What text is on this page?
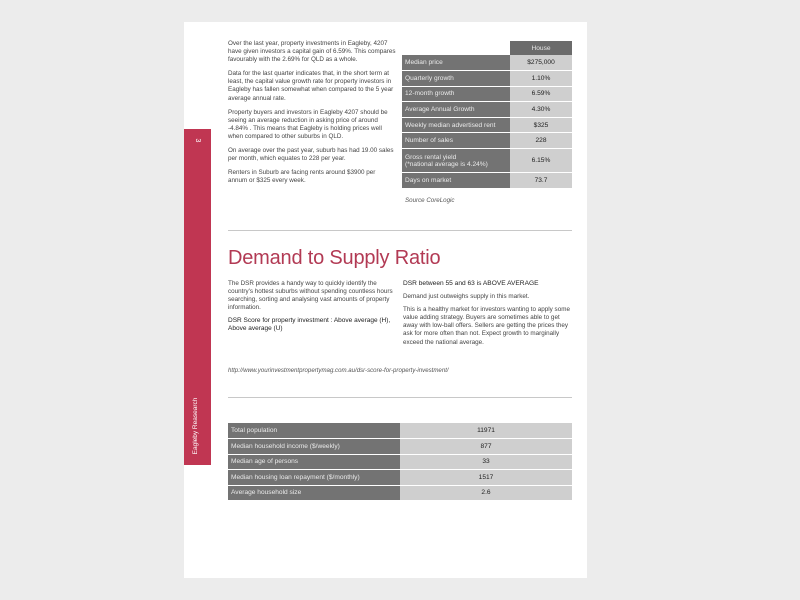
3
Eagleby Reasearch

Over the last year, property investments in Eagleby, 4207 have given investors a capital gain of 6.59%. This compares favourably with the 2.69% for QLD as a whole.

Data for the last quarter indicates that, in the short term at least, the capital value growth rate for property investors in Eagleby has fallen somewhat when compared to the 5 year average annual rate.

Property buyers and investors in Eagleby 4207 should be seeing an average reduction in asking price of around -4.84% . This means that Eagleby is holding prices well when compared to other suburbs in QLD.

On average over the past year, suburb has had 19.00 sales per month, which equates to 228 per year.

Renters in Suburb are facing rents around $3900 per annum or $325 every week.

	House
Median price	$275,000
Quarterly growth	1.10%
12-month growth	6.59%
Average Annual Growth	4.30%
Weekly median advertised rent	$325
Number of sales	228
Gross rental yield
(*national average is 4.24%)	6.15%
Days on market	73.7
Source CoreLogic
Demand to Supply Ratio

The DSR provides a handy way to quickly identify the country's hottest suburbs without spending countless hours searching, sorting and analysing vast amounts of property information.

DSR Score for property investment : Above average (H), Above average (U)

DSR between 55 and 63 is ABOVE AVERAGE

Demand just outweighs supply in this market.

This is a healthy market for investors wanting to apply some value adding strategy. Buyers are sometimes able to get away with low-ball offers. Sellers are getting the prices they ask for more often than not. Expect growth to marginally exceed the national average.

http://www.yourinvestmentpropertymag.com.au/dsr-score-for-property-investment/
Total population	11971
Median household income ($/weekly)	877
Median age of persons	33
Median housing loan repayment ($/monthly)	1517
Average household size	2.6
